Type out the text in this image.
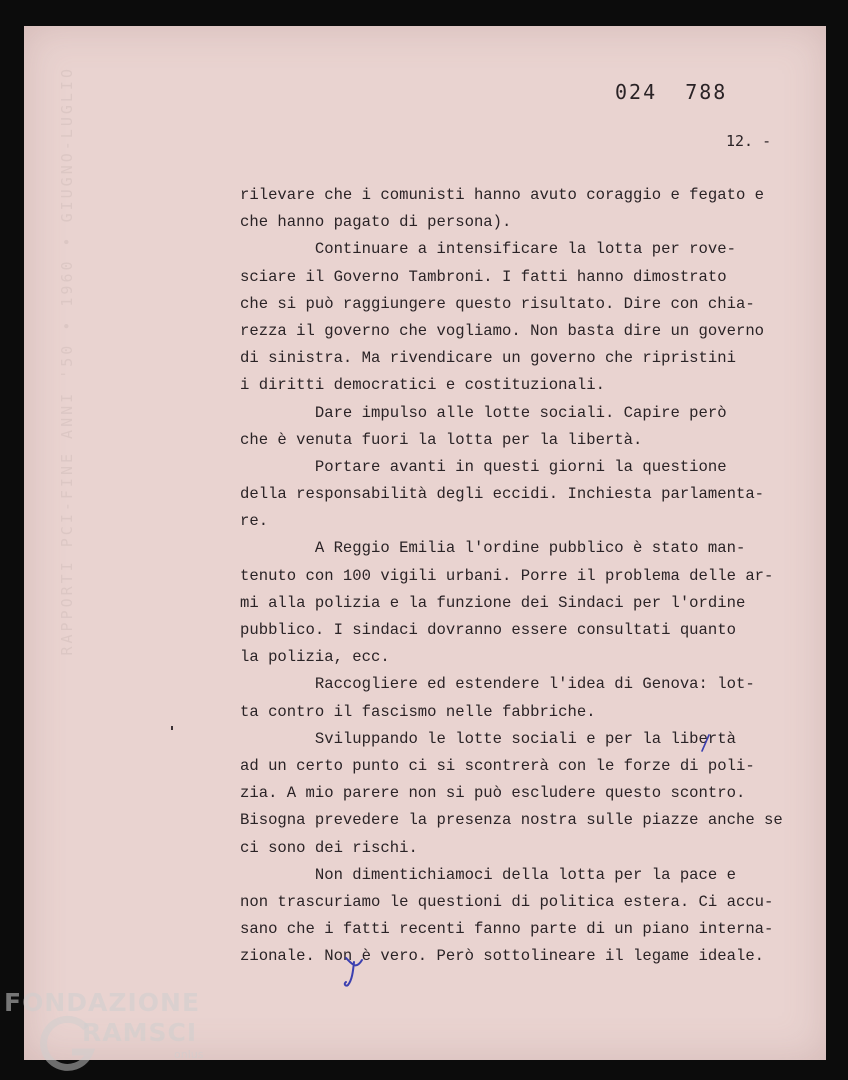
RAPPORTI PCI-FINE ANNI '50 • 1960 • GIUGNO-LUGLIO	024  788
12. -
rilevare che i comunisti hanno avuto coraggio e fegato e
che hanno pagato di persona).
Continuare a intensificare la lotta per rove-
sciare il Governo Tambroni. I fatti hanno dimostrato
che si può raggiungere questo risultato. Dire con chia-
rezza il governo che vogliamo. Non basta dire un governo
di sinistra. Ma rivendicare un governo che ripristini
i diritti democratici e costituzionali.
Dare impulso alle lotte sociali. Capire però
che è venuta fuori la lotta per la libertà.
Portare avanti in questi giorni la questione
della responsabilità degli eccidi. Inchiesta parlamenta-
re.
A Reggio Emilia l'ordine pubblico è stato man-
tenuto con 100 vigili urbani. Porre il problema delle ar-
mi alla polizia e la funzione dei Sindaci per l'ordine
pubblico. I sindaci dovranno essere consultati quanto
la polizia, ecc.
Raccogliere ed estendere l'idea di Genova: lot-
ta contro il fascismo nelle fabbriche.
Sviluppando le lotte sociali e per la libertà
ad un certo punto ci si scontrerà con le forze di poli-
zia. A mio parere non si può escludere questo scontro.
Bisogna prevedere la presenza nostra sulle piazze anche se
ci sono dei rischi.
Non dimentichiamoci della lotta per la pace e
non trascuriamo le questioni di politica estera. Ci accu-
sano che i fatti recenti fanno parte di un piano interna-
zionale. Non è vero. Però sottolineare il legame ideale.
FONDAZIONE
RAMSCI
onlus
